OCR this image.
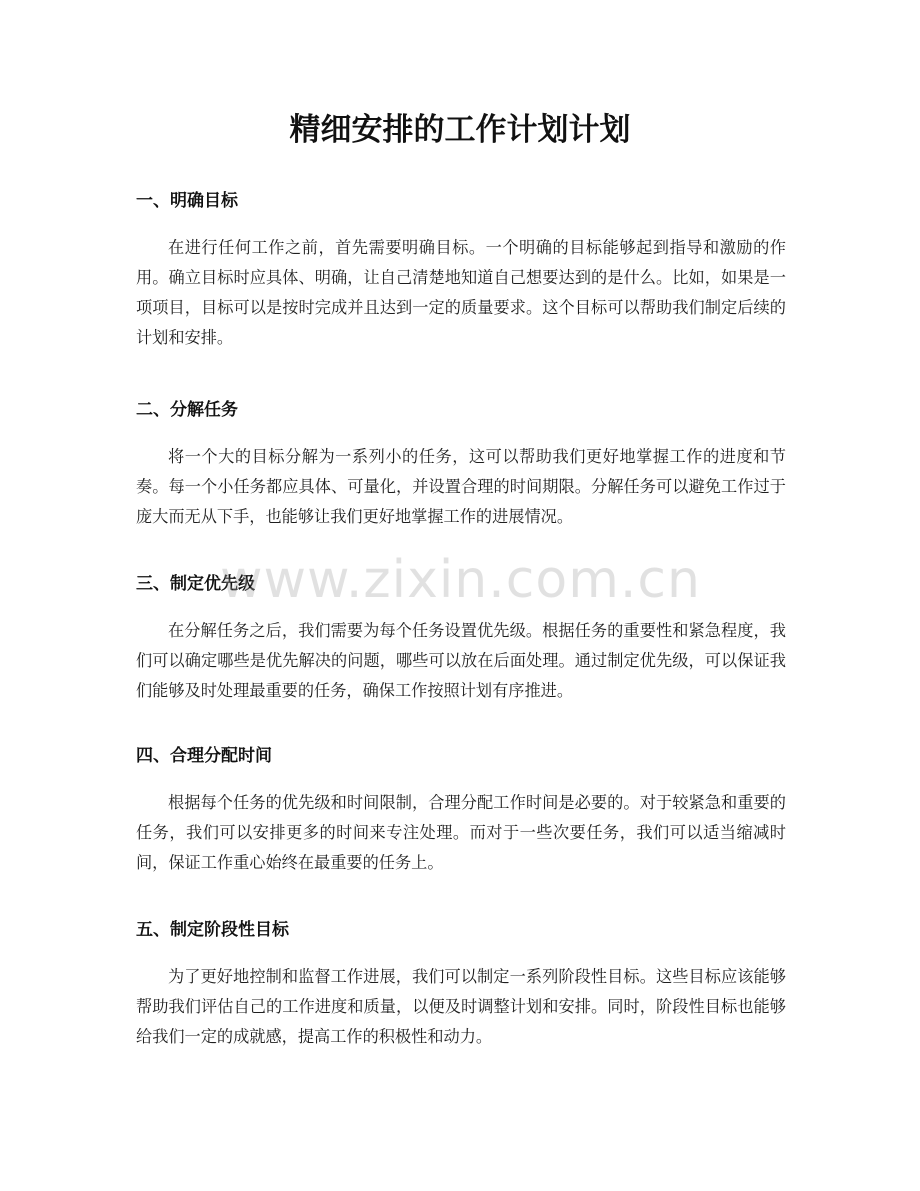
精细安排的工作计划计划
一、明确目标

在进行任何工作之前，首先需要明确目标。一个明确的目标能够起到指导和激励的作用。确立目标时应具体、明确，让自己清楚地知道自己想要达到的是什么。比如，如果是一项项目，目标可以是按时完成并且达到一定的质量要求。这个目标可以帮助我们制定后续的计划和安排。

二、分解任务

将一个大的目标分解为一系列小的任务，这可以帮助我们更好地掌握工作的进度和节奏。每一个小任务都应具体、可量化，并设置合理的时间期限。分解任务可以避免工作过于庞大而无从下手，也能够让我们更好地掌握工作的进展情况。

三、制定优先级

在分解任务之后，我们需要为每个任务设置优先级。根据任务的重要性和紧急程度，我们可以确定哪些是优先解决的问题，哪些可以放在后面处理。通过制定优先级，可以保证我们能够及时处理最重要的任务，确保工作按照计划有序推进。

四、合理分配时间

根据每个任务的优先级和时间限制，合理分配工作时间是必要的。对于较紧急和重要的任务，我们可以安排更多的时间来专注处理。而对于一些次要任务，我们可以适当缩减时间，保证工作重心始终在最重要的任务上。

五、制定阶段性目标

为了更好地控制和监督工作进展，我们可以制定一系列阶段性目标。这些目标应该能够帮助我们评估自己的工作进度和质量，以便及时调整计划和安排。同时，阶段性目标也能够给我们一定的成就感，提高工作的积极性和动力。

www.zixin.com.cn
